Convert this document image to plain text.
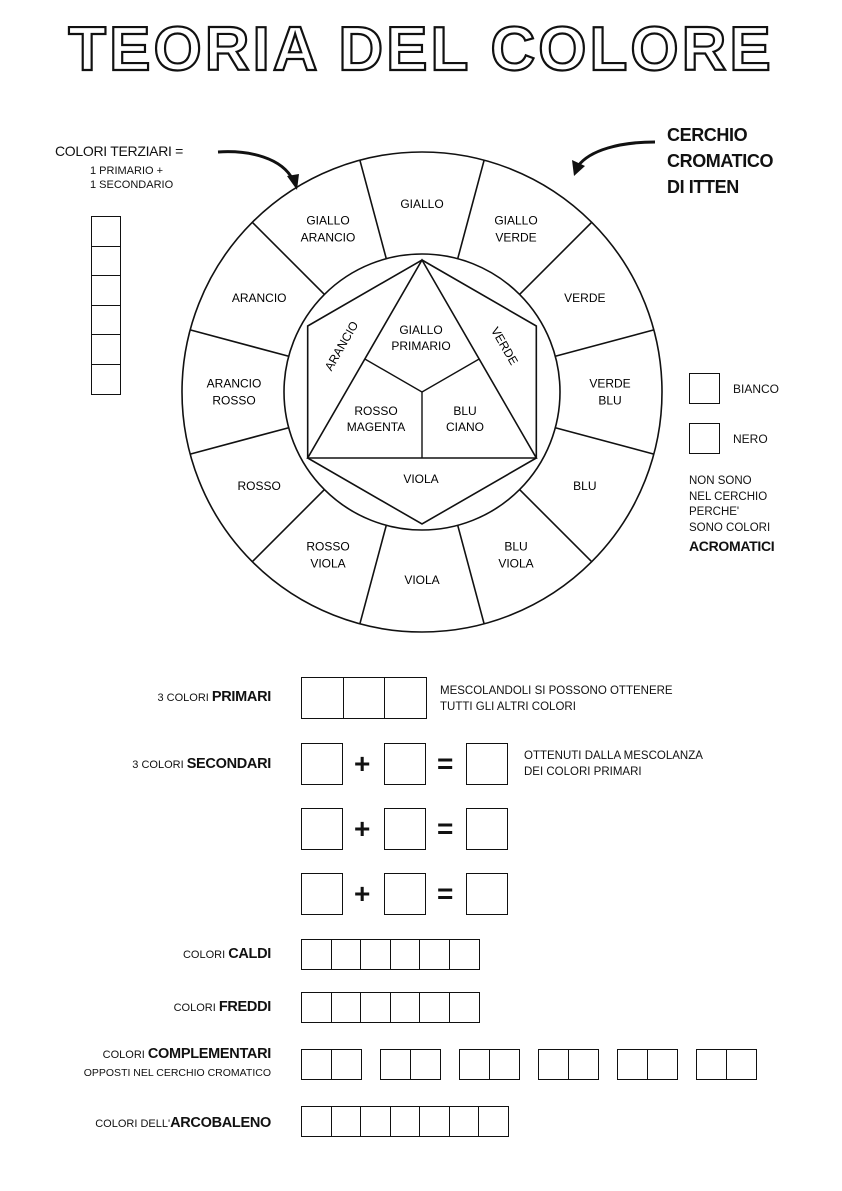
TEORIA DEL COLORE
COLORI TERZIARI =
1 PRIMARIO +
1 SECONDARIO
CERCHIO
CROMATICO
DI ITTEN
GIALLO
GIALLO
VERDE
VERDE
VERDE
BLU
BLU
BLU
VIOLA
VIOLA
ROSSO
VIOLA
ROSSO
ARANCIO
ROSSO
ARANCIO
GIALLO
ARANCIO
GIALLO
PRIMARIO
ROSSO
MAGENTA
BLU
CIANO
ARANCIO	VERDE
VIOLA
BIANCO
NERO
NON SONO
NEL CERCHIO
PERCHE'
SONO COLORI
ACROMATICI
3 COLORI PRIMARI	MESCOLANDOLI SI POSSONO OTTENERE
TUTTI GLI ALTRI COLORI
3 COLORI SECONDARI	OTTENUTI DALLA MESCOLANZA
DEI COLORI PRIMARI
+ =
+ =
+ =
COLORI CALDI
COLORI FREDDI
COLORI COMPLEMENTARI
OPPOSTI NEL CERCHIO CROMATICO
COLORI DELL'ARCOBALENO
